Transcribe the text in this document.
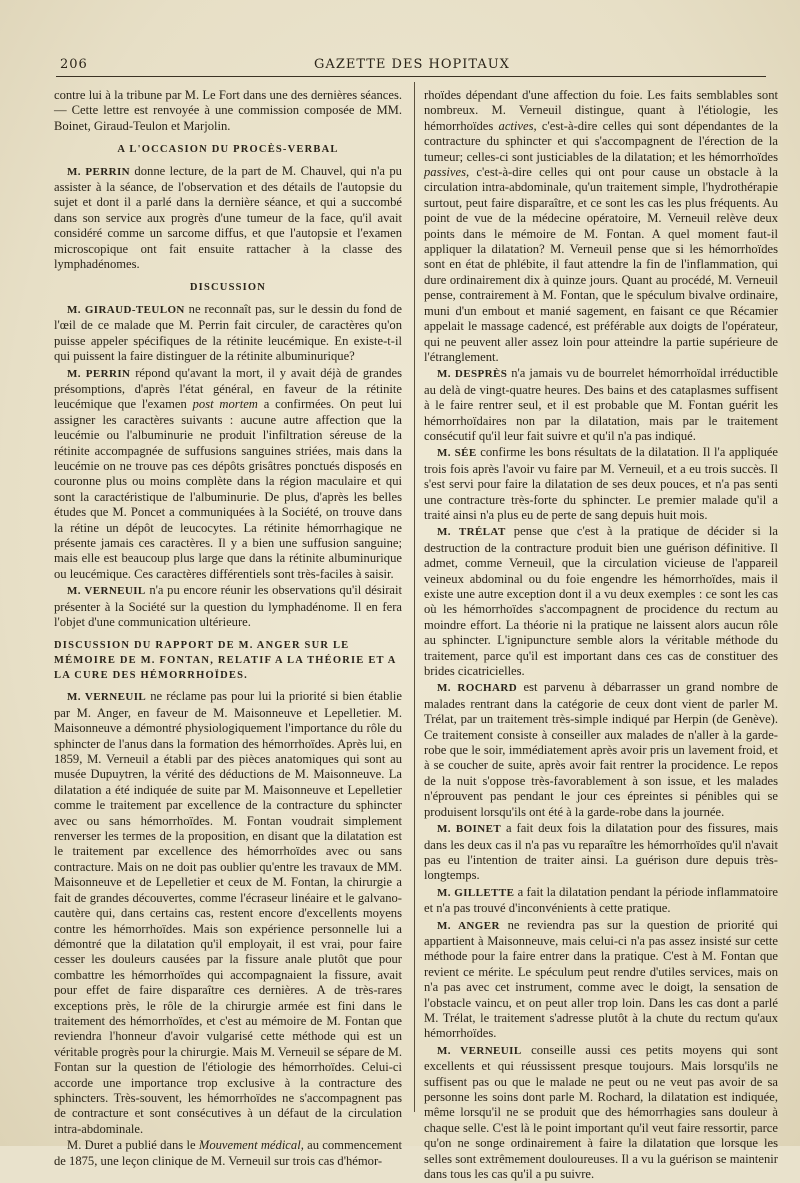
206	GAZETTE DES HOPITAUX

contre lui à la tribune par M. Le Fort dans une des dernières séances. — Cette lettre est renvoyée à une commission composée de MM. Boinet, Giraud-Teulon et Marjolin.

A L'OCCASION DU PROCÈS-VERBAL

M. PERRIN donne lecture, de la part de M. Chauvel, qui n'a pu assister à la séance, de l'observation et des détails de l'autopsie du sujet et dont il a parlé dans la dernière séance, et qui a succombé dans son service aux progrès d'une tumeur de la face, qu'il avait considéré comme un sarcome diffus, et que l'autopsie et l'examen microscopique ont fait ensuite rattacher à la classe des lymphadénomes.

DISCUSSION

M. GIRAUD-TEULON ne reconnaît pas, sur le dessin du fond de l'œil de ce malade que M. Perrin fait circuler, de caractères qu'on puisse appeler spécifiques de la rétinite leucémique. En existe-t-il qui puissent la faire distinguer de la rétinite albuminurique?

M. PERRIN répond qu'avant la mort, il y avait déjà de grandes présomptions, d'après l'état général, en faveur de la rétinite leucémique que l'examen post mortem a confirmées. On peut lui assigner les caractères suivants : aucune autre affection que la leucémie ou l'albuminurie ne produit l'infiltration séreuse de la rétinite accompagnée de suffusions sanguines striées, mais dans la leucémie on ne trouve pas ces dépôts grisâtres ponctués disposés en couronne plus ou moins complète dans la région maculaire et qui sont la caractéristique de l'albuminurie. De plus, d'après les belles études que M. Poncet a communiquées à la Société, on trouve dans la rétine un dépôt de leucocytes. La rétinite hémorrhagique ne présente jamais ces caractères. Il y a bien une suffusion sanguine; mais elle est beaucoup plus large que dans la rétinite albuminurique ou leucémique. Ces caractères différentiels sont très-faciles à saisir.

M. VERNEUIL n'a pu encore réunir les observations qu'il désirait présenter à la Société sur la question du lymphadénome. Il en fera l'objet d'une communication ultérieure.

DISCUSSION DU RAPPORT DE M. ANGER SUR LE MÉMOIRE DE M. FONTAN, RELATIF A LA THÉORIE ET A LA CURE DES HÉMORRHOÏDES.

M. VERNEUIL ne réclame pas pour lui la priorité si bien établie par M. Anger, en faveur de M. Maisonneuve et Lepelletier. M. Maisonneuve a démontré physiologiquement l'importance du rôle du sphincter de l'anus dans la formation des hémorrhoïdes. Après lui, en 1859, M. Verneuil a établi par des pièces anatomiques qui sont au musée Dupuytren, la vérité des déductions de M. Maisonneuve. La dilatation a été indiquée de suite par M. Maisonneuve et Lepelletier comme le traitement par excellence de la contracture du sphincter avec ou sans hémorrhoïdes. M. Fontan voudrait simplement renverser les termes de la proposition, en disant que la dilatation est le traitement par excellence des hémorrhoïdes avec ou sans contracture. Mais on ne doit pas oublier qu'entre les travaux de MM. Maisonneuve et de Lepelletier et ceux de M. Fontan, la chirurgie a fait de grandes découvertes, comme l'écraseur linéaire et le galvano-cautère qui, dans certains cas, restent encore d'excellents moyens contre les hémorrhoïdes. Mais son expérience personnelle lui a démontré que la dilatation qu'il employait, il est vrai, pour faire cesser les douleurs causées par la fissure anale plutôt que pour combattre les hémorrhoïdes qui accompagnaient la fissure, avait pour effet de faire disparaître ces dernières. A de très-rares exceptions près, le rôle de la chirurgie armée est fini dans le traitement des hémorrhoïdes, et c'est au mémoire de M. Fontan que reviendra l'honneur d'avoir vulgarisé cette méthode qui est un véritable progrès pour la chirurgie. Mais M. Verneuil se sépare de M. Fontan sur la question de l'étiologie des hémorrhoïdes. Celui-ci accorde une importance trop exclusive à la contracture des sphincters. Très-souvent, les hémorrhoïdes ne s'accompagnent pas de contracture et sont consécutives à un défaut de la circulation intra-abdominale.

M. Duret a publié dans le Mouvement médical, au commencement de 1875, une leçon clinique de M. Verneuil sur trois cas d'hémor-

rhoïdes dépendant d'une affection du foie. Les faits semblables sont nombreux. M. Verneuil distingue, quant à l'étiologie, les hémorrhoïdes actives, c'est-à-dire celles qui sont dépendantes de la contracture du sphincter et qui s'accompagnent de l'érection de la tumeur; celles-ci sont justiciables de la dilatation; et les hémorrhoïdes passives, c'est-à-dire celles qui ont pour cause un obstacle à la circulation intra-abdominale, qu'un traitement simple, l'hydrothérapie surtout, peut faire disparaître, et ce sont les cas les plus fréquents. Au point de vue de la médecine opératoire, M. Verneuil relève deux points dans le mémoire de M. Fontan. A quel moment faut-il appliquer la dilatation? M. Verneuil pense que si les hémorrhoïdes sont en état de phlébite, il faut attendre la fin de l'inflammation, qui dure ordinairement dix à quinze jours. Quant au procédé, M. Verneuil pense, contrairement à M. Fontan, que le spéculum bivalve ordinaire, muni d'un embout et manié sagement, en faisant ce que Récamier appelait le massage cadencé, est préférable aux doigts de l'opérateur, qui ne peuvent aller assez loin pour atteindre la partie supérieure de l'étranglement.

M. DESPRÈS n'a jamais vu de bourrelet hémorrhoïdal irréductible au delà de vingt-quatre heures. Des bains et des cataplasmes suffisent à le faire rentrer seul, et il est probable que M. Fontan guérit les hémorrhoïdaires non par la dilatation, mais par le traitement consécutif qu'il leur fait suivre et qu'il n'a pas indiqué.

M. SÉE confirme les bons résultats de la dilatation. Il l'a appliquée trois fois après l'avoir vu faire par M. Verneuil, et a eu trois succès. Il s'est servi pour faire la dilatation de ses deux pouces, et n'a pas senti une contracture très-forte du sphincter. Le premier malade qu'il a traité ainsi n'a plus eu de perte de sang depuis huit mois.

M. TRÉLAT pense que c'est à la pratique de décider si la destruction de la contracture produit bien une guérison définitive. Il admet, comme Verneuil, que la circulation vicieuse de l'appareil veineux abdominal ou du foie engendre les hémorrhoïdes, mais il existe une autre exception dont il a vu deux exemples : ce sont les cas où les hémorrhoïdes s'accompagnent de procidence du rectum au moindre effort. La théorie ni la pratique ne laissent alors aucun rôle au sphincter. L'ignipuncture semble alors la véritable méthode du traitement, parce qu'il est important dans ces cas de constituer des brides cicatricielles.

M. ROCHARD est parvenu à débarrasser un grand nombre de malades rentrant dans la catégorie de ceux dont vient de parler M. Trélat, par un traitement très-simple indiqué par Herpin (de Genève). Ce traitement consiste à conseiller aux malades de n'aller à la garde-robe que le soir, immédiatement après avoir pris un lavement froid, et à se coucher de suite, après avoir fait rentrer la procidence. Le repos de la nuit s'oppose très-favorablement à son issue, et les malades n'éprouvent pas pendant le jour ces épreintes si pénibles qui se produisent lorsqu'ils ont été à la garde-robe dans la journée.

M. BOINET a fait deux fois la dilatation pour des fissures, mais dans les deux cas il n'a pas vu reparaître les hémorrhoïdes qu'il n'avait pas eu l'intention de traiter ainsi. La guérison dure depuis très-longtemps.

M. GILLETTE a fait la dilatation pendant la période inflammatoire et n'a pas trouvé d'inconvénients à cette pratique.

M. ANGER ne reviendra pas sur la question de priorité qui appartient à Maisonneuve, mais celui-ci n'a pas assez insisté sur cette méthode pour la faire entrer dans la pratique. C'est à M. Fontan que revient ce mérite. Le spéculum peut rendre d'utiles services, mais on n'a pas avec cet instrument, comme avec le doigt, la sensation de l'obstacle vaincu, et on peut aller trop loin. Dans les cas dont a parlé M. Trélat, le traitement s'adresse plutôt à la chute du rectum qu'aux hémorrhoïdes.

M. VERNEUIL conseille aussi ces petits moyens qui sont excellents et qui réussissent presque toujours. Mais lorsqu'ils ne suffisent pas ou que le malade ne peut ou ne veut pas avoir de sa personne les soins dont parle M. Rochard, la dilatation est indiquée, même lorsqu'il ne se produit que des hémorrhagies sans douleur à chaque selle. C'est là le point important qu'il veut faire ressortir, parce qu'on ne songe ordinairement à faire la dilatation que lorsque les selles sont extrêmement douloureuses. Il a vu la guérison se maintenir dans tous les cas qu'il a pu suivre.
